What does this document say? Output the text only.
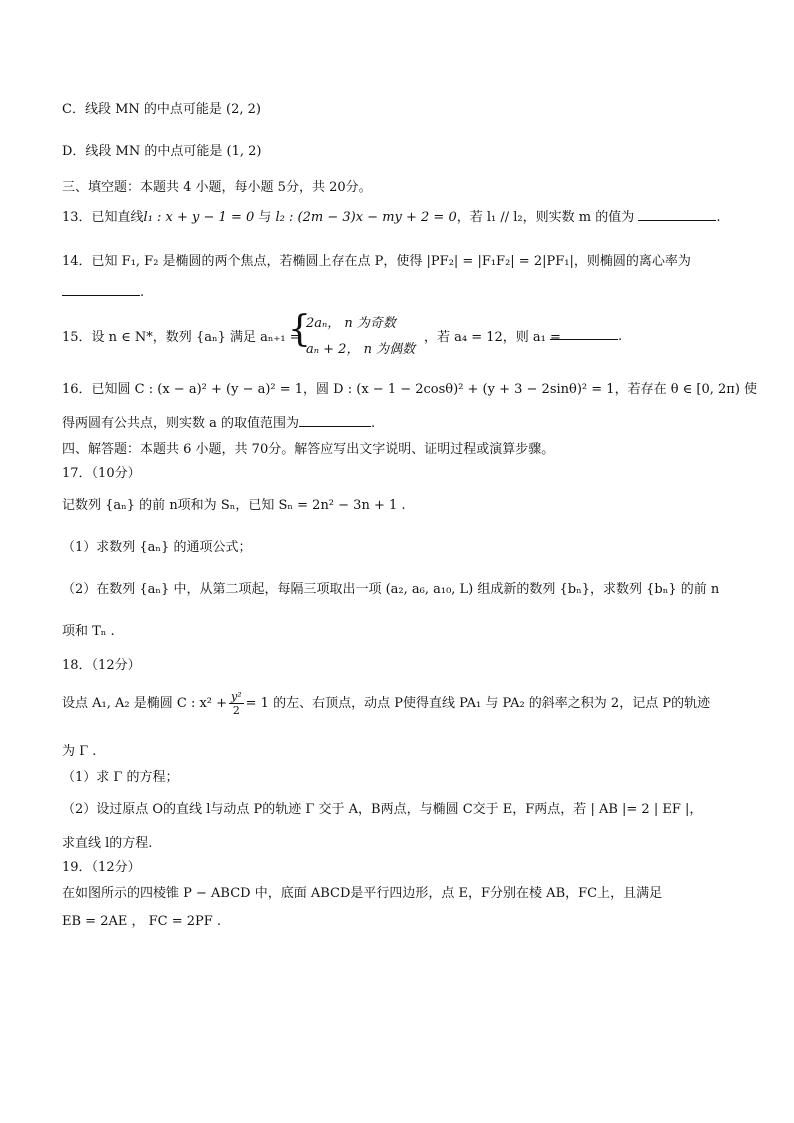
C．线段 MN 的中点可能是 (2, 2)
D．线段 MN 的中点可能是 (1, 2)
三、填空题：本题共 4 小题，每小题 5分，共 20分。
13．已知直线l₁ : x + y − 1 = 0 与 l₂ : (2m − 3)x − my + 2 = 0，若 l₁ // l₂，则实数 m 的值为	.
14．已知 F₁, F₂ 是椭圆的两个焦点，若椭圆上存在点 P，使得 |PF₂| = |F₁F₂| = 2|PF₁|，则椭圆的离心率为
.
15．设 n ∈ N*，数列 {aₙ} 满足 aₙ₊₁ =
{
2aₙ， n 为奇数
aₙ + 2， n 为偶数
，若 a₄ = 12，则 a₁ =	.
16．已知圆 C : (x − a)² + (y − a)² = 1，圆 D : (x − 1 − 2cosθ)² + (y + 3 − 2sinθ)² = 1，若存在 θ ∈ [0, 2π) 使
得两圆有公共点，则实数 a 的取值范围为	.
四、解答题：本题共 6 小题，共 70分。解答应写出文字说明、证明过程或演算步骤。
17．（10分）
记数列 {aₙ} 的前 n项和为 Sₙ，已知 Sₙ = 2n² − 3n + 1 .
（1）求数列 {aₙ} 的通项公式；
（2）在数列 {aₙ} 中，从第二项起，每隔三项取出一项 (a₂, a₆, a₁₀, L) 组成新的数列 {bₙ}，求数列 {bₙ} 的前 n
项和 Tₙ .
18．（12分）
设点 A₁, A₂ 是椭圆 C : $x^2 + \frac{\text{y²}}{2} = 1$ 的左、右顶点，动点 P使得直线 PA₁ 与 PA₂ 的斜率之积为 2，记点 P的轨迹
为 Γ .
（1）求 Γ 的方程；
（2）设过原点 O的直线 l与动点 P的轨迹 Γ 交于 A，B两点，与椭圆 C交于 E，F两点，若 | AB |= 2 | EF |，
求直线 l的方程.
19．（12分）
在如图所示的四棱锥 P − ABCD 中，底面 ABCD是平行四边形，点 E，F分别在棱 AB，FC上，且满足
EB = 2AE ， FC = 2PF .
